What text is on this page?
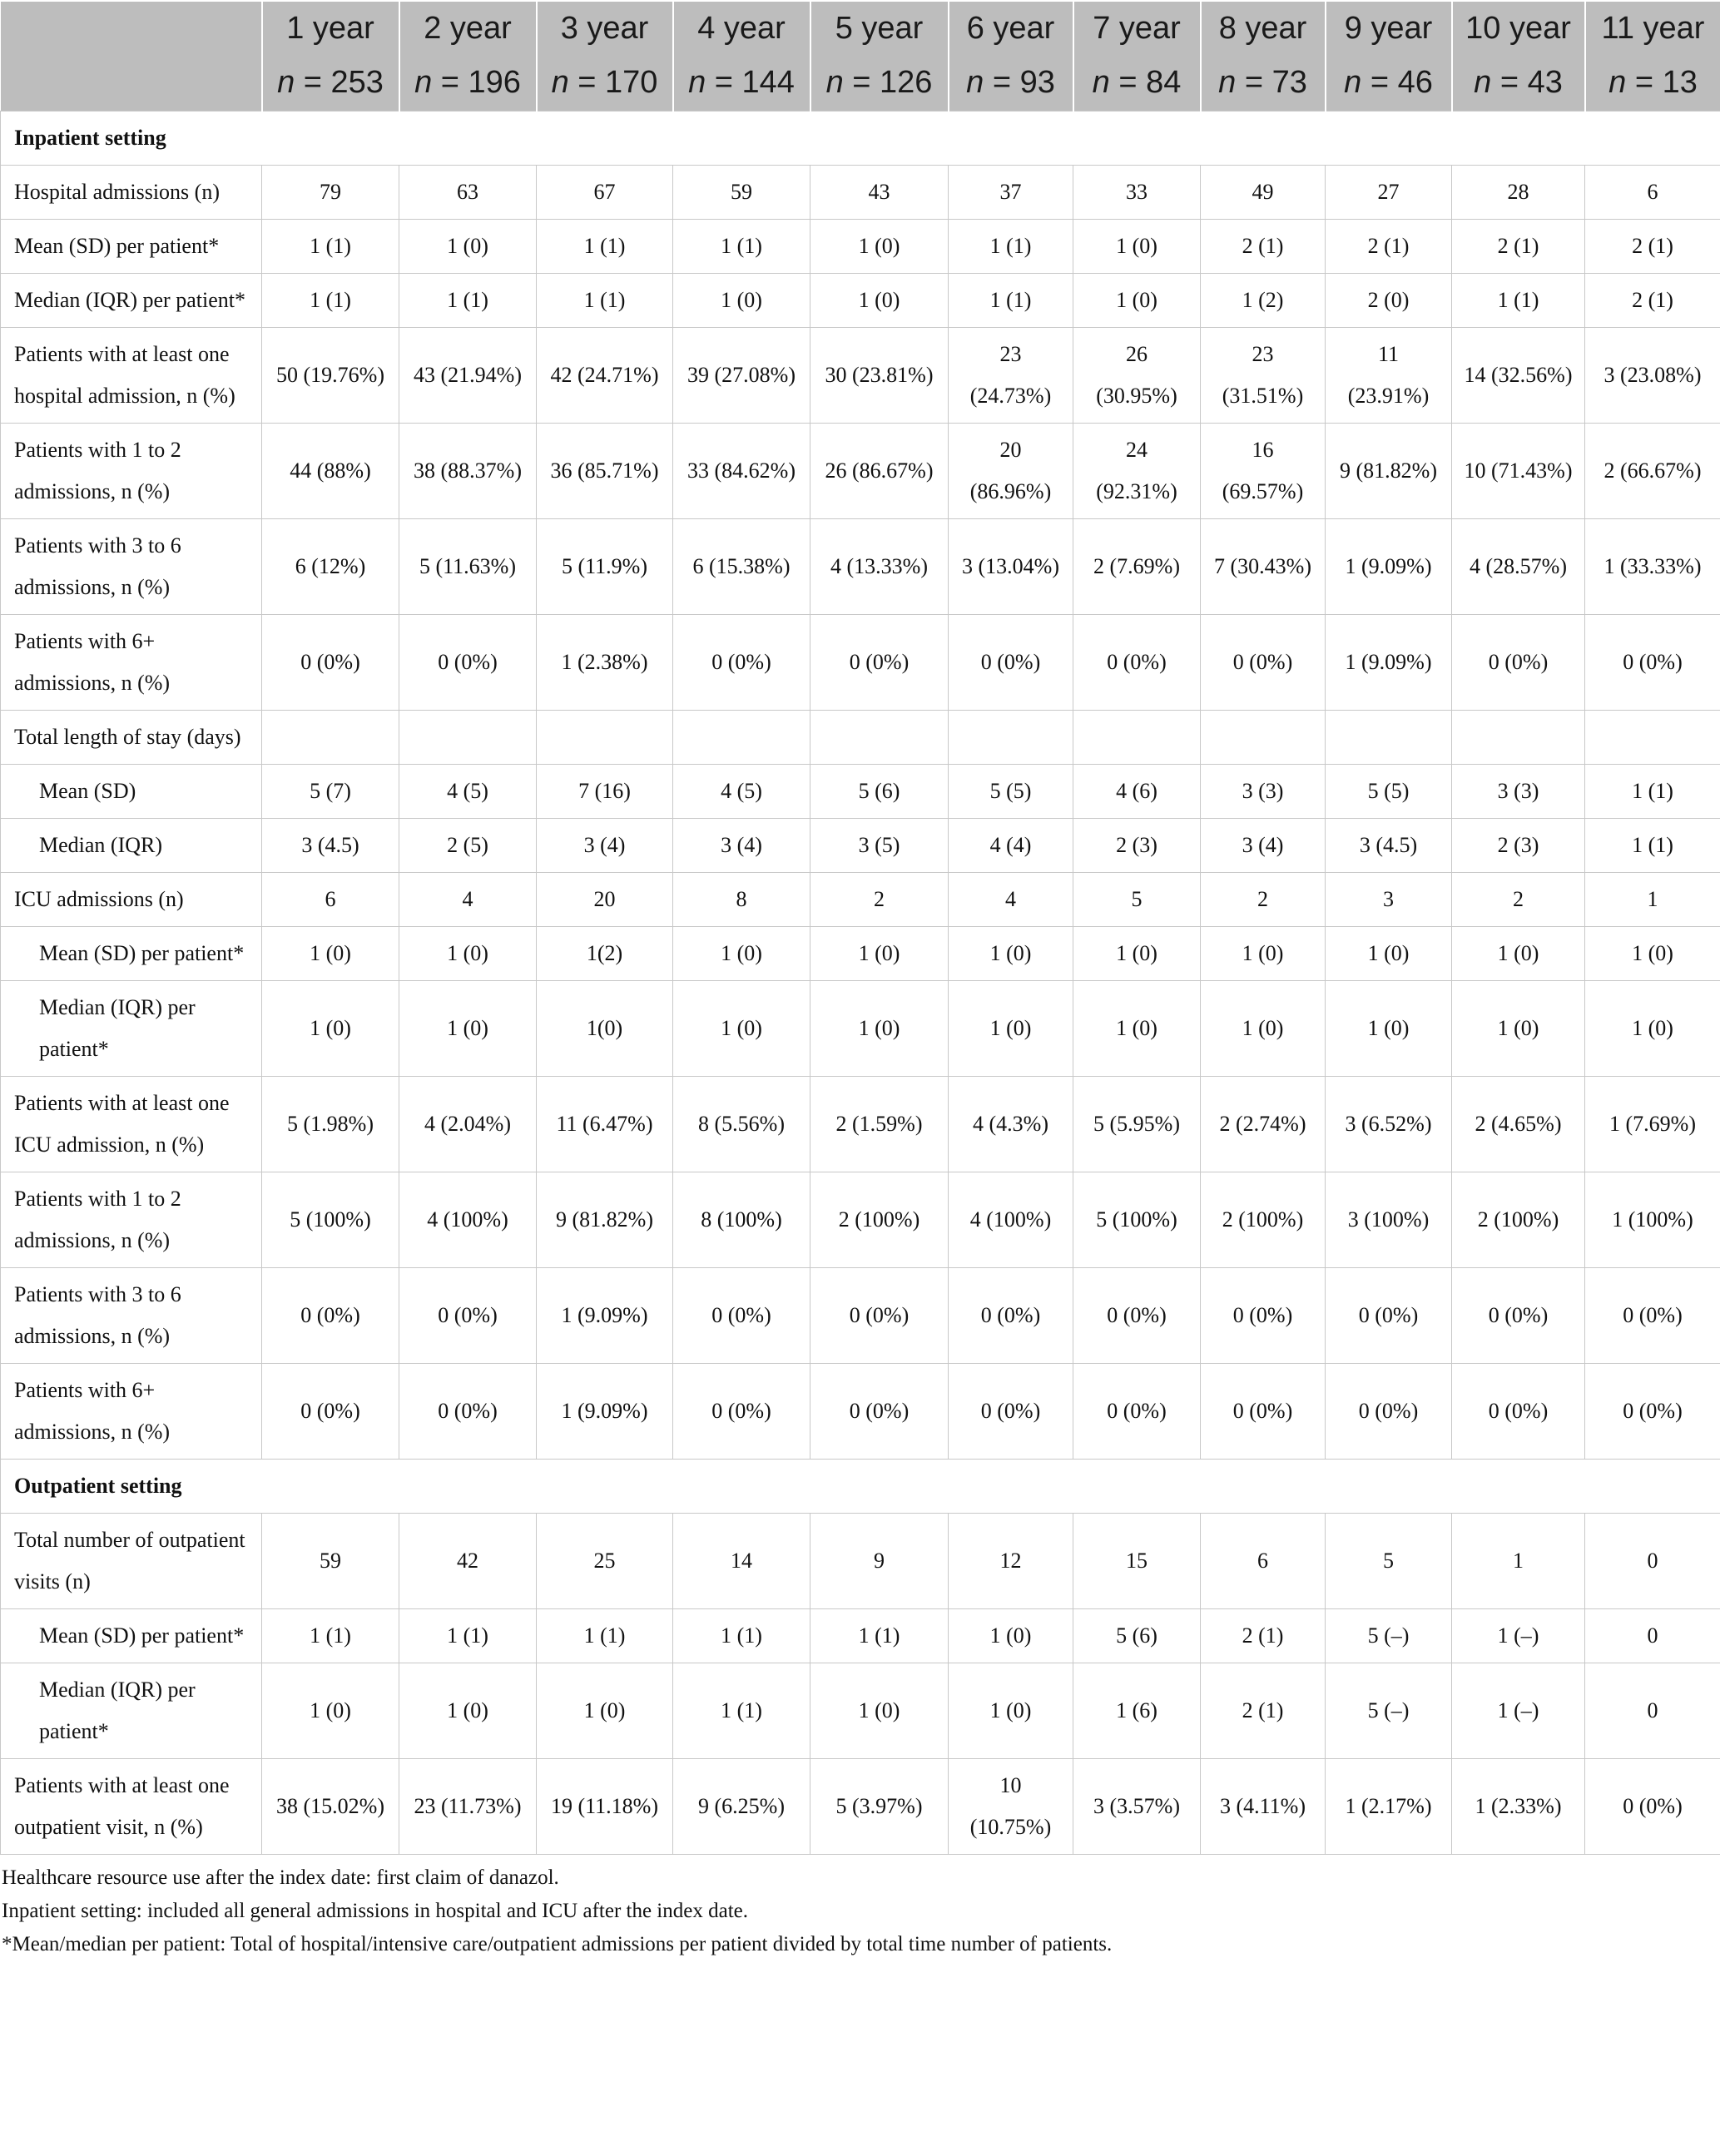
	1 year	2 year	3 year	4 year	5 year	6 year	7 year	8 year	9 year	10 year	11 year
	n = 253	n = 196	n = 170	n = 144	n = 126	n = 93	n = 84	n = 73	n = 46	n = 43	n = 13
Inpatient setting											
Hospital admissions (n)	79	63	67	59	43	37	33	49	27	28	6
Mean (SD) per patient*	1 (1)	1 (0)	1 (1)	1 (1)	1 (0)	1 (1)	1 (0)	2 (1)	2 (1)	2 (1)	2 (1)
Median (IQR) per patient*	1 (1)	1 (1)	1 (1)	1 (0)	1 (0)	1 (1)	1 (0)	1 (2)	2 (0)	1 (1)	2 (1)
Patients with at least one hospital admission, n (%)	50 (19.76%)	43 (21.94%)	42 (24.71%)	39 (27.08%)	30 (23.81%)	23 (24.73%)	26 (30.95%)	23 (31.51%)	11 (23.91%)	14 (32.56%)	3 (23.08%)
Patients with 1 to 2 admissions, n (%)	44 (88%)	38 (88.37%)	36 (85.71%)	33 (84.62%)	26 (86.67%)	20 (86.96%)	24 (92.31%)	16 (69.57%)	9 (81.82%)	10 (71.43%)	2 (66.67%)
Patients with 3 to 6 admissions, n (%)	6 (12%)	5 (11.63%)	5 (11.9%)	6 (15.38%)	4 (13.33%)	3 (13.04%)	2 (7.69%)	7 (30.43%)	1 (9.09%)	4 (28.57%)	1 (33.33%)
Patients with 6+ admissions, n (%)	0 (0%)	0 (0%)	1 (2.38%)	0 (0%)	0 (0%)	0 (0%)	0 (0%)	0 (0%)	1 (9.09%)	0 (0%)	0 (0%)
Total length of stay (days)											
Mean (SD)	5 (7)	4 (5)	7 (16)	4 (5)	5 (6)	5 (5)	4 (6)	3 (3)	5 (5)	3 (3)	1 (1)
Median (IQR)	3 (4.5)	2 (5)	3 (4)	3 (4)	3 (5)	4 (4)	2 (3)	3 (4)	3 (4.5)	2 (3)	1 (1)
ICU admissions (n)	6	4	20	8	2	4	5	2	3	2	1
Mean (SD) per patient*	1 (0)	1 (0)	1(2)	1 (0)	1 (0)	1 (0)	1 (0)	1 (0)	1 (0)	1 (0)	1 (0)
Median (IQR) per patient*	1 (0)	1 (0)	1(0)	1 (0)	1 (0)	1 (0)	1 (0)	1 (0)	1 (0)	1 (0)	1 (0)
Patients with at least one ICU admission, n (%)	5 (1.98%)	4 (2.04%)	11 (6.47%)	8 (5.56%)	2 (1.59%)	4 (4.3%)	5 (5.95%)	2 (2.74%)	3 (6.52%)	2 (4.65%)	1 (7.69%)
Patients with 1 to 2 admissions, n (%)	5 (100%)	4 (100%)	9 (81.82%)	8 (100%)	2 (100%)	4 (100%)	5 (100%)	2 (100%)	3 (100%)	2 (100%)	1 (100%)
Patients with 3 to 6 admissions, n (%)	0 (0%)	0 (0%)	1 (9.09%)	0 (0%)	0 (0%)	0 (0%)	0 (0%)	0 (0%)	0 (0%)	0 (0%)	0 (0%)
Patients with 6+ admissions, n (%)	0 (0%)	0 (0%)	1 (9.09%)	0 (0%)	0 (0%)	0 (0%)	0 (0%)	0 (0%)	0 (0%)	0 (0%)	0 (0%)
Outpatient setting											
Total number of outpatient visits (n)	59	42	25	14	9	12	15	6	5	1	0
Mean (SD) per patient*	1 (1)	1 (1)	1 (1)	1 (1)	1 (1)	1 (0)	5 (6)	2 (1)	5 (–)	1 (–)	0
Median (IQR) per patient*	1 (0)	1 (0)	1 (0)	1 (1)	1 (0)	1 (0)	1 (6)	2 (1)	5 (–)	1 (–)	0
Patients with at least one outpatient visit, n (%)	38 (15.02%)	23 (11.73%)	19 (11.18%)	9 (6.25%)	5 (3.97%)	10 (10.75%)	3 (3.57%)	3 (4.11%)	1 (2.17%)	1 (2.33%)	0 (0%)
Healthcare resource use after the index date: first claim of danazol.
Inpatient setting: included all general admissions in hospital and ICU after the index date.
*Mean/median per patient: Total of hospital/intensive care/outpatient admissions per patient divided by total time number of patients.
